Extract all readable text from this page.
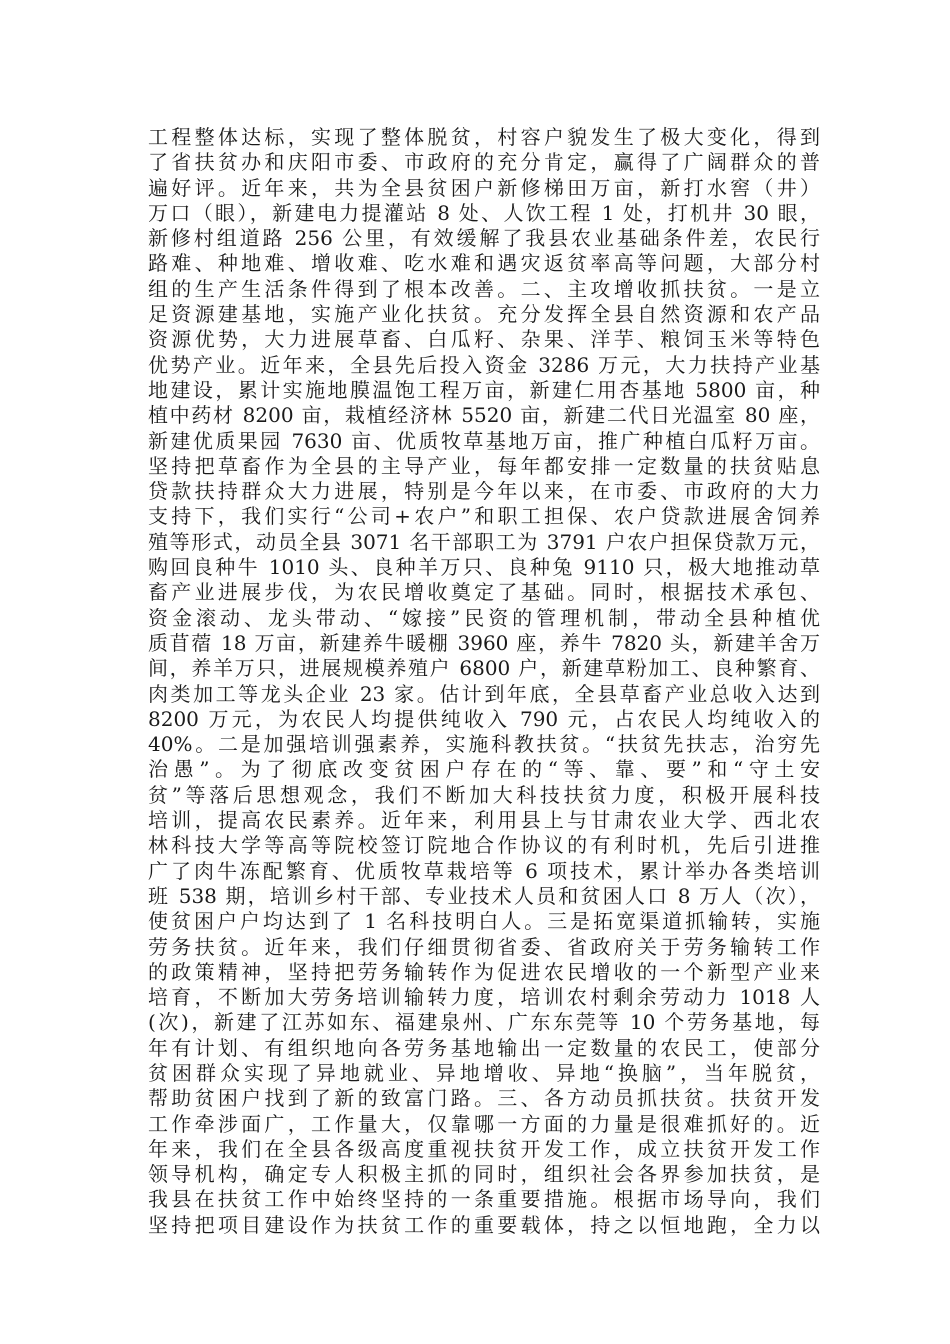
工程整体达标，实现了整体脱贫，村容户貌发生了极大变化，得到
了省扶贫办和庆阳市委、市政府的充分肯定，赢得了广阔群众的普
遍好评。近年来，共为全县贫困户新修梯田万亩，新打水窖（井）
万口（眼），新建电力提灌站 8 处、人饮工程 1 处，打机井 30 眼，
新修村组道路 256 公里，有效缓解了我县农业基础条件差，农民行
路难、种地难、增收难、吃水难和遇灾返贫率高等问题，大部分村
组的生产生活条件得到了根本改善。二、主攻增收抓扶贫。一是立
足资源建基地，实施产业化扶贫。充分发挥全县自然资源和农产品
资源优势，大力进展草畜、白瓜籽、杂果、洋芋、粮饲玉米等特色
优势产业。近年来，全县先后投入资金 3286 万元，大力扶持产业基
地建设，累计实施地膜温饱工程万亩，新建仁用杏基地 5800 亩，种
植中药材 8200 亩，栽植经济林 5520 亩，新建二代日光温室 80 座，
新建优质果园 7630 亩、优质牧草基地万亩，推广种植白瓜籽万亩。
坚持把草畜作为全县的主导产业，每年都安排一定数量的扶贫贴息
贷款扶持群众大力进展，特别是今年以来，在市委、市政府的大力
支持下，我们实行“公司+农户”和职工担保、农户贷款进展舍饲养
殖等形式，动员全县 3071 名干部职工为 3791 户农户担保贷款万元，
购回良种牛 1010 头、良种羊万只、良种兔 9110 只，极大地推动草
畜产业进展步伐，为农民增收奠定了基础。同时，根据技术承包、
资金滚动、龙头带动、“嫁接”民资的管理机制，带动全县种植优
质苜蓿 18 万亩，新建养牛暖棚 3960 座，养牛 7820 头，新建羊舍万
间，养羊万只，进展规模养殖户 6800 户，新建草粉加工、良种繁育、
肉类加工等龙头企业 23 家。估计到年底，全县草畜产业总收入达到
8200 万元，为农民人均提供纯收入 790 元，占农民人均纯收入的
40%。二是加强培训强素养，实施科教扶贫。“扶贫先扶志，治穷先
治愚”。为了彻底改变贫困户存在的“等、靠、要”和“守土安
贫”等落后思想观念，我们不断加大科技扶贫力度，积极开展科技
培训，提高农民素养。近年来，利用县上与甘肃农业大学、西北农
林科技大学等高等院校签订院地合作协议的有利时机，先后引进推
广了肉牛冻配繁育、优质牧草栽培等 6 项技术，累计举办各类培训
班 538 期，培训乡村干部、专业技术人员和贫困人口 8 万人（次），
使贫困户户均达到了 1 名科技明白人。三是拓宽渠道抓输转，实施
劳务扶贫。近年来，我们仔细贯彻省委、省政府关于劳务输转工作
的政策精神，坚持把劳务输转作为促进农民增收的一个新型产业来
培育，不断加大劳务培训输转力度，培训农村剩余劳动力 1018 人
(次)，新建了江苏如东、福建泉州、广东东莞等 10 个劳务基地，每
年有计划、有组织地向各劳务基地输出一定数量的农民工，使部分
贫困群众实现了异地就业、异地增收、异地“换脑”，当年脱贫，
帮助贫困户找到了新的致富门路。三、各方动员抓扶贫。扶贫开发
工作牵涉面广，工作量大，仅靠哪一方面的力量是很难抓好的。近
年来，我们在全县各级高度重视扶贫开发工作，成立扶贫开发工作
领导机构，确定专人积极主抓的同时，组织社会各界参加扶贫，是
我县在扶贫工作中始终坚持的一条重要措施。根据市场导向，我们
坚持把项目建设作为扶贫工作的重要载体，持之以恒地跑，全力以
